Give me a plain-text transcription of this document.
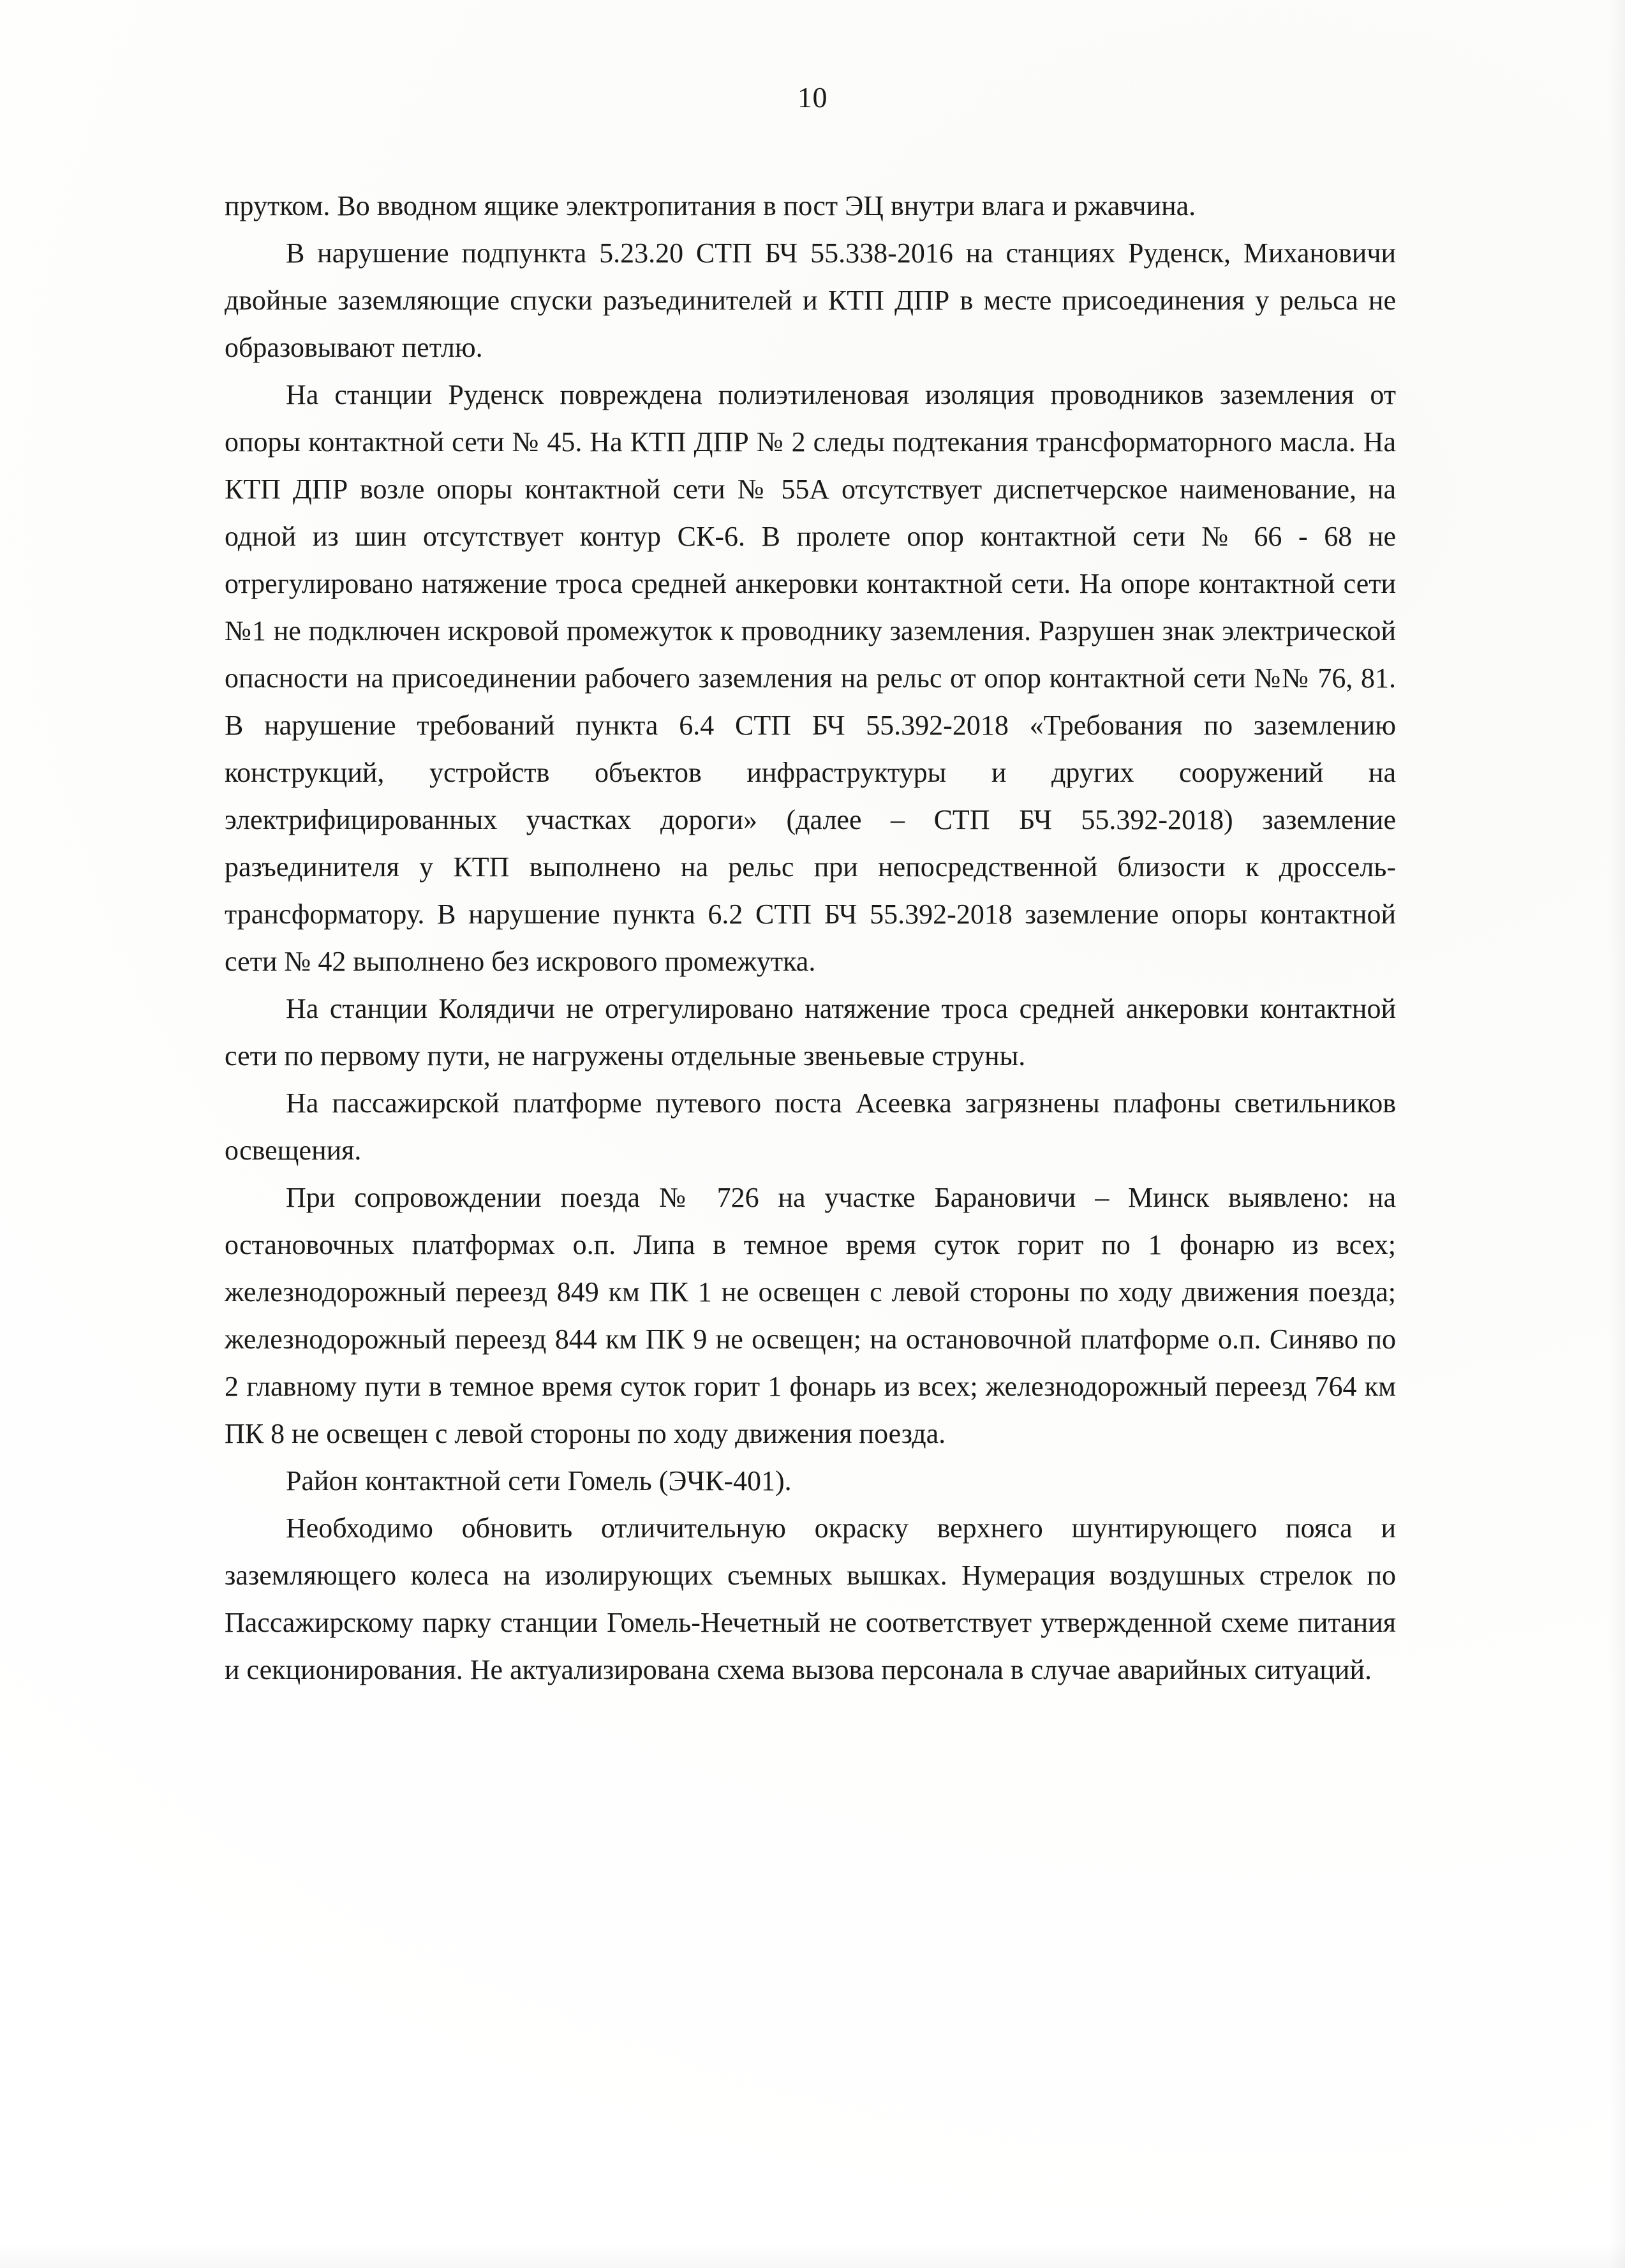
10

прутком. Во вводном ящике электропитания в пост ЭЦ внутри влага и ржавчина.

В нарушение подпункта 5.23.20 СТП БЧ 55.338-2016 на станциях Руденск, Михановичи двойные заземляющие спуски разъединителей и КТП ДПР в месте присоединения у рельса не образовывают петлю.

На станции Руденск повреждена полиэтиленовая изоляция проводников заземления от опоры контактной сети № 45. На КТП ДПР № 2 следы подтекания трансформаторного масла. На КТП ДПР возле опоры контактной сети № 55А отсутствует диспетчерское наименование, на одной из шин отсутствует контур СК-6. В пролете опор контактной сети № 66 - 68 не отрегулировано натяжение троса средней анкеровки контактной сети. На опоре контактной сети №1 не подключен искровой промежуток к проводнику заземления. Разрушен знак электрической опасности на присоединении рабочего заземления на рельс от опор контактной сети №№ 76, 81. В нарушение требований пункта 6.4 СТП БЧ 55.392-2018 «Требования по заземлению конструкций, устройств объектов инфраструктуры и других сооружений на электрифицированных участках дороги» (далее – СТП БЧ 55.392-2018) заземление разъединителя у КТП выполнено на рельс при непосредственной близости к дроссель-трансформатору. В нарушение пункта 6.2 СТП БЧ 55.392-2018 заземление опоры контактной сети № 42 выполнено без искрового промежутка.

На станции Колядичи не отрегулировано натяжение троса средней анкеровки контактной сети по первому пути, не нагружены отдельные звеньевые струны.

На пассажирской платформе путевого поста Асеевка загрязнены плафоны светильников освещения.

При сопровождении поезда № 726 на участке Барановичи – Минск выявлено: на остановочных платформах о.п. Липа в темное время суток горит по 1 фонарю из всех; железнодорожный переезд 849 км ПК 1 не освещен с левой стороны по ходу движения поезда; железнодорожный переезд 844 км ПК 9 не освещен; на остановочной платформе о.п. Синяво по 2 главному пути в темное время суток горит 1 фонарь из всех; железнодорожный переезд 764 км ПК 8 не освещен с левой стороны по ходу движения поезда.

Район контактной сети Гомель (ЭЧК-401).

Необходимо обновить отличительную окраску верхнего шунтирующего пояса и заземляющего колеса на изолирующих съемных вышках. Нумерация воздушных стрелок по Пассажирскому парку станции Гомель-Нечетный не соответствует утвержденной схеме питания и секционирования. Не актуализирована схема вызова персонала в случае аварийных ситуаций.
